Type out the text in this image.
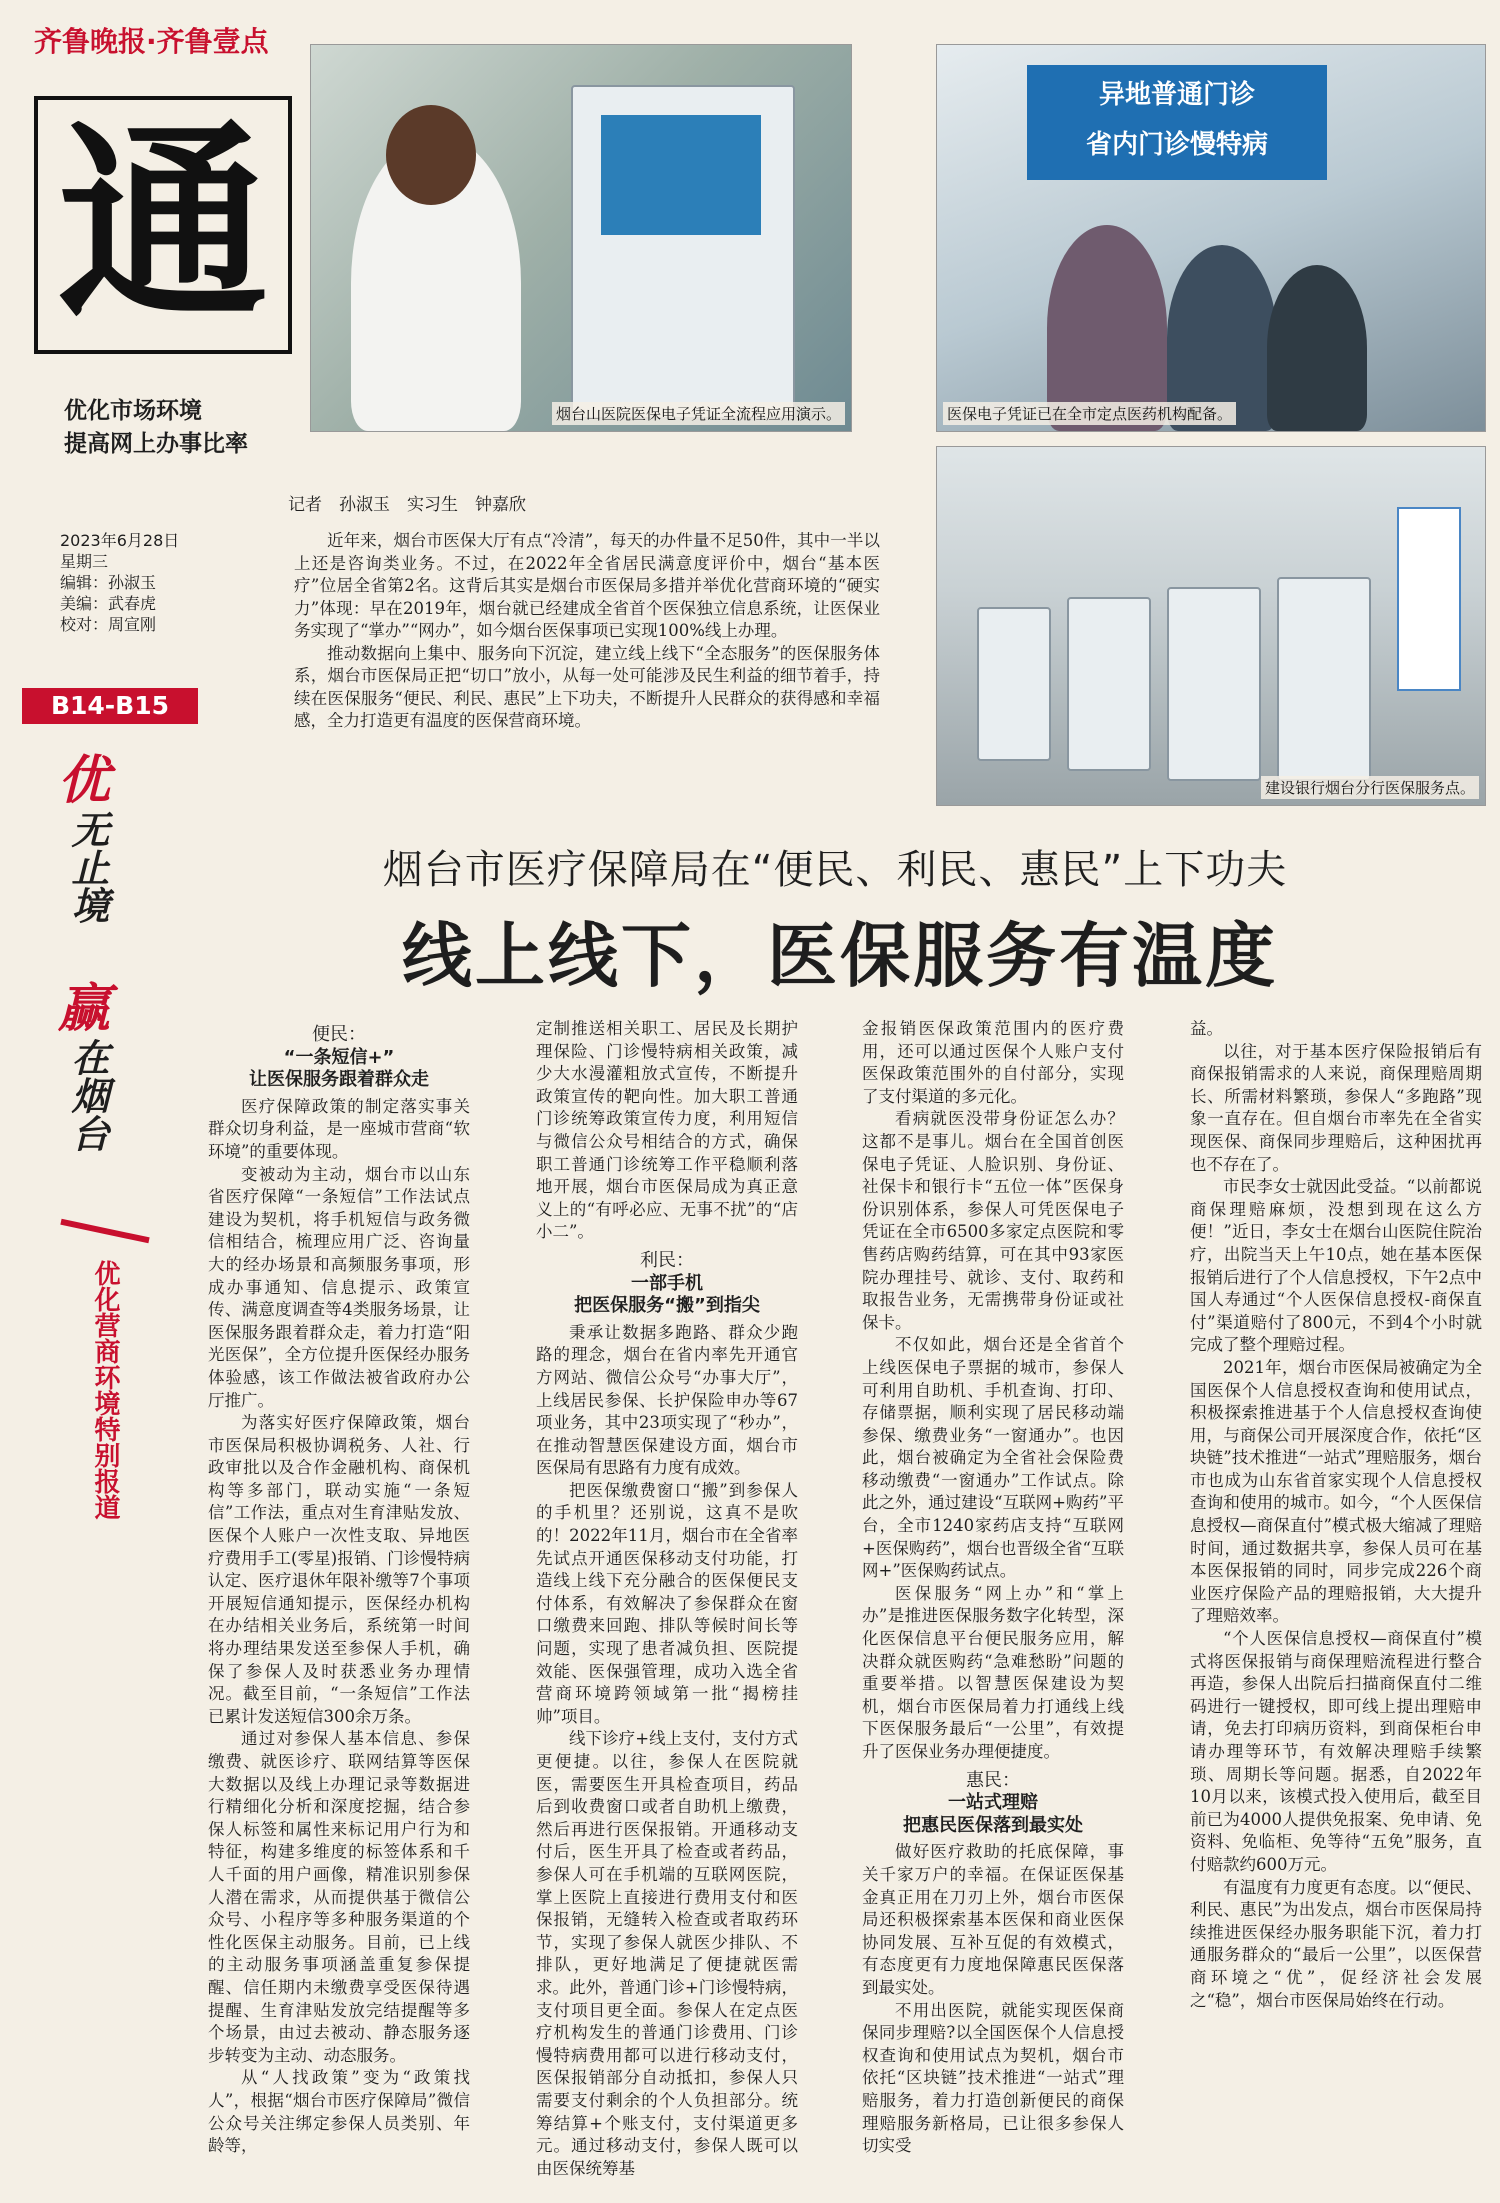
齐鲁晚报·齐鲁壹点
通
优化市场环境
提高网上办事比率
2023年6月28日
星期三
编辑：孙淑玉
美编：武春虎
校对：周宣刚
B14-B15
优
无止境
赢
在烟台
优化营商环境特别报道
烟台山医院医保电子凭证全流程应用演示。
异地普通门诊
省内门诊慢特病
医保电子凭证已在全市定点医药机构配备。
建设银行烟台分行医保服务点。
记者　孙淑玉　实习生　钟嘉欣

近年来，烟台市医保大厅有点“冷清”，每天的办件量不足50件，其中一半以上还是咨询类业务。不过，在2022年全省居民满意度评价中，烟台“基本医疗”位居全省第2名。这背后其实是烟台市医保局多措并举优化营商环境的“硬实力”体现：早在2019年，烟台就已经建成全省首个医保独立信息系统，让医保业务实现了“掌办”“网办”，如今烟台医保事项已实现100%线上办理。

推动数据向上集中、服务向下沉淀，建立线上线下“全态服务”的医保服务体系，烟台市医保局正把“切口”放小，从每一处可能涉及民生利益的细节着手，持续在医保服务“便民、利民、惠民”上下功夫，不断提升人民群众的获得感和幸福感，全力打造更有温度的医保营商环境。

烟台市医疗保障局在“便民、利民、惠民”上下功夫
线上线下，医保服务有温度
便民：
“一条短信+”
让医保服务跟着群众走

医疗保障政策的制定落实事关群众切身利益，是一座城市营商“软环境”的重要体现。

变被动为主动，烟台市以山东省医疗保障“一条短信”工作法试点建设为契机，将手机短信与政务微信相结合，梳理应用广泛、咨询量大的经办场景和高频服务事项，形成办事通知、信息提示、政策宣传、满意度调查等4类服务场景，让医保服务跟着群众走，着力打造“阳光医保”，全方位提升医保经办服务体验感，该工作做法被省政府办公厅推广。

为落实好医疗保障政策，烟台市医保局积极协调税务、人社、行政审批以及合作金融机构、商保机构等多部门，联动实施“一条短信”工作法，重点对生育津贴发放、医保个人账户一次性支取、异地医疗费用手工(零星)报销、门诊慢特病认定、医疗退休年限补缴等7个事项开展短信通知提示，医保经办机构在办结相关业务后，系统第一时间将办理结果发送至参保人手机，确保了参保人及时获悉业务办理情况。截至目前，“一条短信”工作法已累计发送短信300余万条。

通过对参保人基本信息、参保缴费、就医诊疗、联网结算等医保大数据以及线上办理记录等数据进行精细化分析和深度挖掘，结合参保人标签和属性来标记用户行为和特征，构建多维度的标签体系和千人千面的用户画像，精准识别参保人潜在需求，从而提供基于微信公众号、小程序等多种服务渠道的个性化医保主动服务。目前，已上线的主动服务事项涵盖重复参保提醒、信任期内未缴费享受医保待遇提醒、生育津贴发放完结提醒等多个场景，由过去被动、静态服务逐步转变为主动、动态服务。

从“人找政策”变为“政策找人”，根据“烟台市医疗保障局”微信公众号关注绑定参保人员类别、年龄等，

定制推送相关职工、居民及长期护理保险、门诊慢特病相关政策，减少大水漫灌粗放式宣传，不断提升政策宣传的靶向性。加大职工普通门诊统筹政策宣传力度，利用短信与微信公众号相结合的方式，确保职工普通门诊统筹工作平稳顺利落地开展，烟台市医保局成为真正意义上的“有呼必应、无事不扰”的“店小二”。

利民：
一部手机
把医保服务“搬”到指尖

秉承让数据多跑路、群众少跑路的理念，烟台在省内率先开通官方网站、微信公众号“办事大厅”，上线居民参保、长护保险申办等67项业务，其中23项实现了“秒办”，在推动智慧医保建设方面，烟台市医保局有思路有力度有成效。

把医保缴费窗口“搬”到参保人的手机里？还别说，这真不是吹的！2022年11月，烟台市在全省率先试点开通医保移动支付功能，打造线上线下充分融合的医保便民支付体系，有效解决了参保群众在窗口缴费来回跑、排队等候时间长等问题，实现了患者减负担、医院提效能、医保强管理，成功入选全省营商环境跨领域第一批“揭榜挂帅”项目。

线下诊疗+线上支付，支付方式更便捷。以往，参保人在医院就医，需要医生开具检查项目，药品后到收费窗口或者自助机上缴费，然后再进行医保报销。开通移动支付后，医生开具了检查或者药品，参保人可在手机端的互联网医院，掌上医院上直接进行费用支付和医保报销，无缝转入检查或者取药环节，实现了参保人就医少排队、不排队，更好地满足了便捷就医需求。此外，普通门诊+门诊慢特病，支付项目更全面。参保人在定点医疗机构发生的普通门诊费用、门诊慢特病费用都可以进行移动支付，医保报销部分自动抵扣，参保人只需要支付剩余的个人负担部分。统筹结算+个账支付，支付渠道更多元。通过移动支付，参保人既可以由医保统筹基

金报销医保政策范围内的医疗费用，还可以通过医保个人账户支付医保政策范围外的自付部分，实现了支付渠道的多元化。

看病就医没带身份证怎么办？这都不是事儿。烟台在全国首创医保电子凭证、人脸识别、身份证、社保卡和银行卡“五位一体”医保身份识别体系，参保人可凭医保电子凭证在全市6500多家定点医院和零售药店购药结算，可在其中93家医院办理挂号、就诊、支付、取药和取报告业务，无需携带身份证或社保卡。

不仅如此，烟台还是全省首个上线医保电子票据的城市，参保人可利用自助机、手机查询、打印、存储票据，顺利实现了居民移动端参保、缴费业务“一窗通办”。也因此，烟台被确定为全省社会保险费移动缴费“一窗通办”工作试点。除此之外，通过建设“互联网+购药”平台，全市1240家药店支持“互联网+医保购药”，烟台也晋级全省“互联网+”医保购药试点。

医保服务“网上办”和“掌上办”是推进医保服务数字化转型，深化医保信息平台便民服务应用，解决群众就医购药“急难愁盼”问题的重要举措。以智慧医保建设为契机，烟台市医保局着力打通线上线下医保服务最后“一公里”，有效提升了医保业务办理便捷度。

惠民：
一站式理赔
把惠民医保落到最实处

做好医疗救助的托底保障，事关千家万户的幸福。在保证医保基金真正用在刀刃上外，烟台市医保局还积极探索基本医保和商业医保协同发展、互补互促的有效模式，有态度更有力度地保障惠民医保落到最实处。

不用出医院，就能实现医保商保同步理赔?以全国医保个人信息授权查询和使用试点为契机，烟台市依托“区块链”技术推进“一站式”理赔服务，着力打造创新便民的商保理赔服务新格局，已让很多参保人切实受

益。

以往，对于基本医疗保险报销后有商保报销需求的人来说，商保理赔周期长、所需材料繁琐，参保人“多跑路”现象一直存在。但自烟台市率先在全省实现医保、商保同步理赔后，这种困扰再也不存在了。

市民李女士就因此受益。“以前都说商保理赔麻烦，没想到现在这么方便！”近日，李女士在烟台山医院住院治疗，出院当天上午10点，她在基本医保报销后进行了个人信息授权，下午2点中国人寿通过“个人医保信息授权-商保直付”渠道赔付了800元，不到4个小时就完成了整个理赔过程。

2021年，烟台市医保局被确定为全国医保个人信息授权查询和使用试点，积极探索推进基于个人信息授权查询使用，与商保公司开展深度合作，依托“区块链”技术推进“一站式”理赔服务，烟台市也成为山东省首家实现个人信息授权查询和使用的城市。如今，“个人医保信息授权—商保直付”模式极大缩减了理赔时间，通过数据共享，参保人员可在基本医保报销的同时，同步完成226个商业医疗保险产品的理赔报销，大大提升了理赔效率。

“个人医保信息授权—商保直付”模式将医保报销与商保理赔流程进行整合再造，参保人出院后扫描商保直付二维码进行一键授权，即可线上提出理赔申请，免去打印病历资料，到商保柜台申请办理等环节，有效解决理赔手续繁琐、周期长等问题。据悉，自2022年10月以来，该模式投入使用后，截至目前已为4000人提供免报案、免申请、免资料、免临柜、免等待“五免”服务，直付赔款约600万元。

有温度有力度更有态度。以“便民、利民、惠民”为出发点，烟台市医保局持续推进医保经办服务职能下沉，着力打通服务群众的“最后一公里”，以医保营商环境之“优”，促经济社会发展之“稳”，烟台市医保局始终在行动。
